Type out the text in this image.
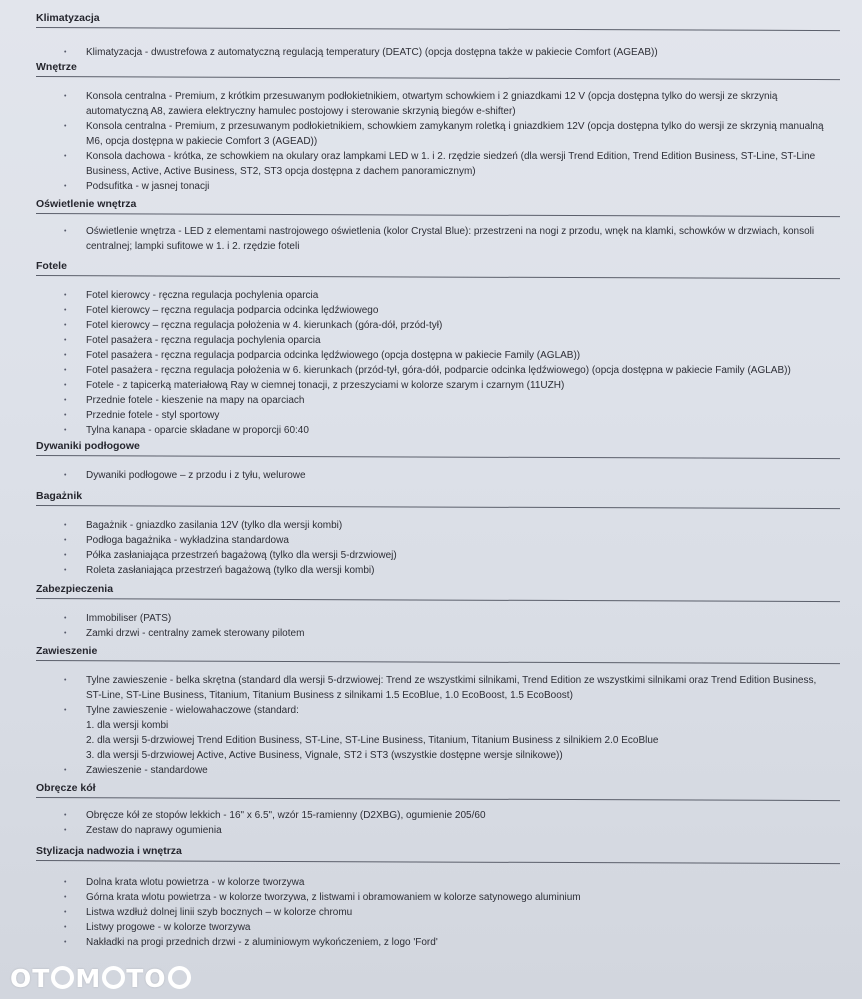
Klimatyzacja
• Klimatyzacja - dwustrefowa z automatyczną regulacją temperatury (DEATC) (opcja dostępna także w pakiecie Comfort (AGEAB))
Wnętrze
• Konsola centralna - Premium, z krótkim przesuwanym podłokietnikiem, otwartym schowkiem i 2 gniazdkami 12 V (opcja dostępna tylko do wersji ze skrzynią
automatyczną A8, zawiera elektryczny hamulec postojowy i sterowanie skrzynią biegów e-shifter)
• Konsola centralna - Premium, z przesuwanym podłokietnikiem, schowkiem zamykanym roletką i gniazdkiem 12V (opcja dostępna tylko do wersji ze skrzynią manualną
M6, opcja dostępna w pakiecie Comfort 3 (AGEAD))
• Konsola dachowa - krótka, ze schowkiem na okulary oraz lampkami LED w 1. i 2. rzędzie siedzeń (dla wersji Trend Edition, Trend Edition Business, ST-Line, ST-Line
Business, Active, Active Business, ST2, ST3 opcja dostępna z dachem panoramicznym)
• Podsufitka - w jasnej tonacji
Oświetlenie wnętrza
• Oświetlenie wnętrza - LED z elementami nastrojowego oświetlenia (kolor Crystal Blue): przestrzeni na nogi z przodu, wnęk na klamki, schowków w drzwiach, konsoli
centralnej; lampki sufitowe w 1. i 2. rzędzie foteli
Fotele
• Fotel kierowcy - ręczna regulacja pochylenia oparcia
• Fotel kierowcy – ręczna regulacja podparcia odcinka lędźwiowego
• Fotel kierowcy – ręczna regulacja położenia w 4. kierunkach (góra-dół, przód-tył)
• Fotel pasażera - ręczna regulacja pochylenia oparcia
• Fotel pasażera - ręczna regulacja podparcia odcinka lędźwiowego (opcja dostępna w pakiecie Family (AGLAB))
• Fotel pasażera - ręczna regulacja położenia w 6. kierunkach (przód-tył, góra-dół, podparcie odcinka lędźwiowego) (opcja dostępna w pakiecie Family (AGLAB))
• Fotele - z tapicerką materiałową Ray w ciemnej tonacji, z przeszyciami w kolorze szarym i czarnym (11UZH)
• Przednie fotele - kieszenie na mapy na oparciach
• Przednie fotele - styl sportowy
• Tylna kanapa - oparcie składane w proporcji 60:40
Dywaniki podłogowe
• Dywaniki podłogowe – z przodu i z tyłu, welurowe
Bagażnik
• Bagażnik - gniazdko zasilania 12V (tylko dla wersji kombi)
• Podłoga bagażnika - wykładzina standardowa
• Półka zasłaniająca przestrzeń bagażową (tylko dla wersji 5-drzwiowej)
• Roleta zasłaniająca przestrzeń bagażową (tylko dla wersji kombi)
Zabezpieczenia
• Immobiliser (PATS)
• Zamki drzwi - centralny zamek sterowany pilotem
Zawieszenie
• Tylne zawieszenie - belka skrętna (standard dla wersji 5-drzwiowej: Trend ze wszystkimi silnikami, Trend Edition ze wszystkimi silnikami oraz Trend Edition Business,
ST-Line, ST-Line Business, Titanium, Titanium Business z silnikami 1.5 EcoBlue, 1.0 EcoBoost, 1.5 EcoBoost)
• Tylne zawieszenie - wielowahaczowe (standard:
1. dla wersji kombi
2. dla wersji 5-drzwiowej Trend Edition Business, ST-Line, ST-Line Business, Titanium, Titanium Business z silnikiem 2.0 EcoBlue
3. dla wersji 5-drzwiowej Active, Active Business, Vignale, ST2 i ST3 (wszystkie dostępne wersje silnikowe))
• Zawieszenie - standardowe
Obręcze kół
• Obręcze kół ze stopów lekkich - 16" x 6.5", wzór 15-ramienny (D2XBG), ogumienie 205/60
• Zestaw do naprawy ogumienia
Stylizacja nadwozia i wnętrza
• Dolna krata wlotu powietrza - w kolorze tworzywa
• Górna krata wlotu powietrza - w kolorze tworzywa, z listwami i obramowaniem w kolorze satynowego aluminium
• Listwa wzdłuż dolnej linii szyb bocznych – w kolorze chromu
• Listwy progowe - w kolorze tworzywa
• Nakładki na progi przednich drzwi - z aluminiowym wykończeniem, z logo 'Ford'
OT M TO
